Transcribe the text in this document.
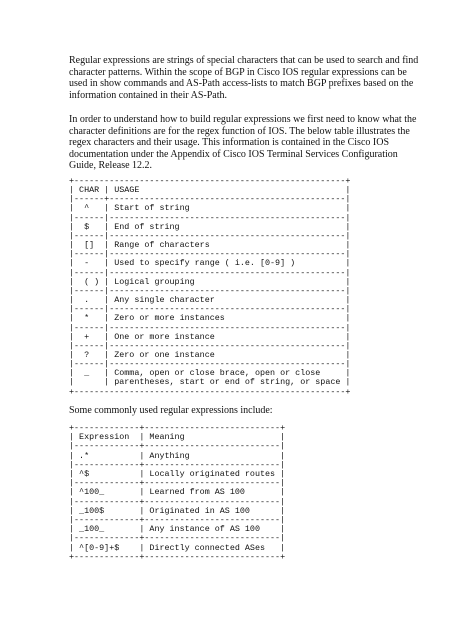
Regular expressions are strings of special characters that can be used to search and find character patterns. Within the scope of BGP in Cisco IOS regular expressions can be used in show commands and AS-Path access-lists to match BGP prefixes based on the information contained in their AS-Path.

In order to understand how to build regular expressions we first need to know what the character definitions are for the regex function of IOS. The below table illustrates the regex characters and their usage. This information is contained in the Cisco IOS documentation under the Appendix of Cisco IOS Terminal Services Configuration Guide, Release 12.2.

+------------------------------------------------------+
| CHAR | USAGE                                         |
|------+-----------------------------------------------|
|  ^   | Start of string                               |
|------|-----------------------------------------------|
|  $   | End of string                                 |
|------|-----------------------------------------------|
|  []  | Range of characters                           |
|------|-----------------------------------------------|
|  -   | Used to specify range ( i.e. [0-9] )          |
|------|-----------------------------------------------|
|  ( ) | Logical grouping                              |
|------|-----------------------------------------------|
|  .   | Any single character                          |
|------|-----------------------------------------------|
|  *   | Zero or more instances                        |
|------|-----------------------------------------------|
|  +   | One or more instance                          |
|------|-----------------------------------------------|
|  ?   | Zero or one instance                          |
|------|-----------------------------------------------|
|  _   | Comma, open or close brace, open or close     |
|      | parentheses, start or end of string, or space |
+------------------------------------------------------+

Some commonly used regular expressions include:

+-------------+---------------------------+
| Expression  | Meaning                   |
|-------------+---------------------------|
| .*          | Anything                  |
|-------------+---------------------------|
| ^$          | Locally originated routes |
|-------------+---------------------------|
| ^100_       | Learned from AS 100       |
|-------------+---------------------------|
| _100$       | Originated in AS 100      |
|-------------+---------------------------|
| _100_       | Any instance of AS 100    |
|-------------+---------------------------|
| ^[0-9]+$    | Directly connected ASes   |
+-------------+---------------------------+
